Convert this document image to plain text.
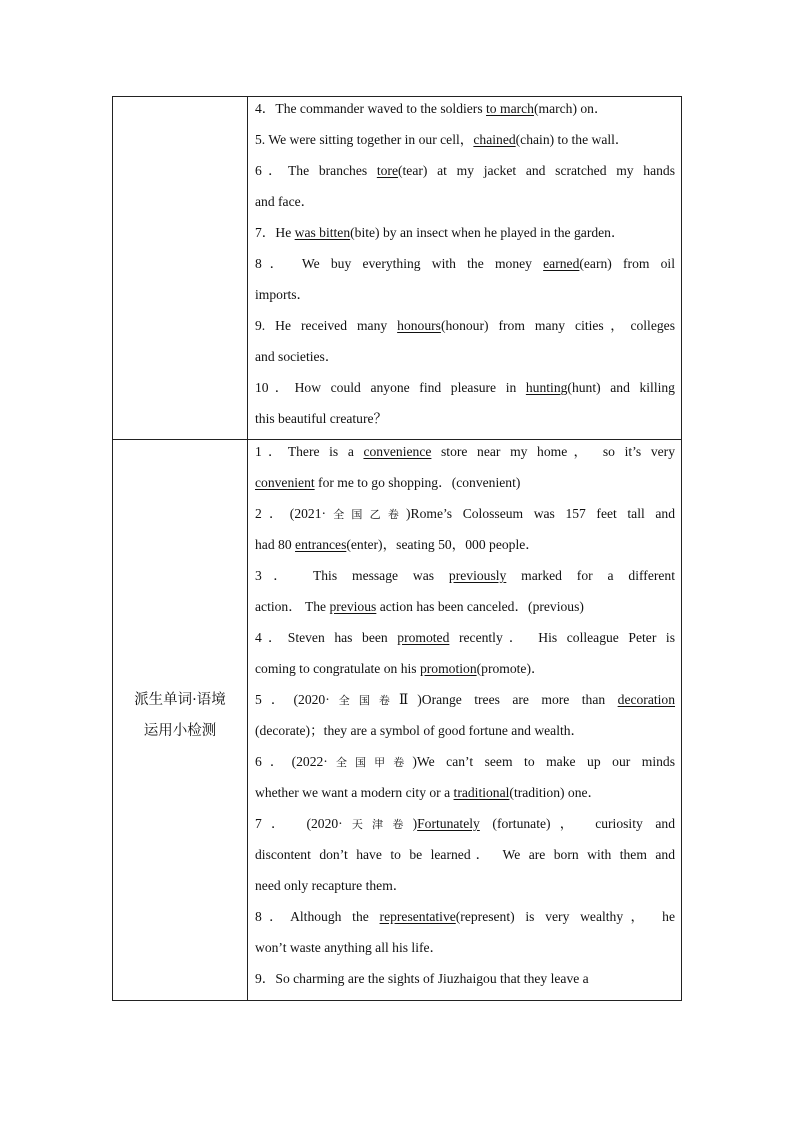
派生单词·语境
运用小检测
4．The commander waved to the soldiers to march(march) on．
5. We were sitting together in our cell，chained(chain) to the wall．
6．The branches tore(tear) at my jacket and scratched my hands
and face．
7．He was bitten(bite) by an insect when he played in the garden．
8． We buy everything with the money earned(earn) from oil
imports．
9. He received many honours(honour) from many cities，colleges
and societies．
10．How could anyone find pleasure in hunting(hunt) and killing
this beautiful creature？
1．There is a convenience store near my home， so it’s very
convenient for me to go shopping．(convenient)
2．(2021·全国乙卷)Rome’s Colosseum was 157 feet tall and
had 80 entrances(enter)，seating 50，000 people．
3． This message was previously marked for a different
action． The previous action has been canceled．(previous)
4．Steven has been promoted recently． His colleague Peter is
coming to congratulate on his promotion(promote)．
5．(2020·全国卷Ⅱ)Orange trees are more than decoration
(decorate)；they are a symbol of good fortune and wealth．
6．(2022·全国甲卷)We can’t seem to make up our minds
whether we want a modern city or a traditional(tradition) one．
7． (2020·天津卷)Fortunately (fortunate)， curiosity and
discontent don’t have to be learned． We are born with them and
need only recapture them．
8．Although the representative(represent) is very wealthy， he
won’t waste anything all his life．
9．So charming are the sights of Jiuzhaigou that they leave a
